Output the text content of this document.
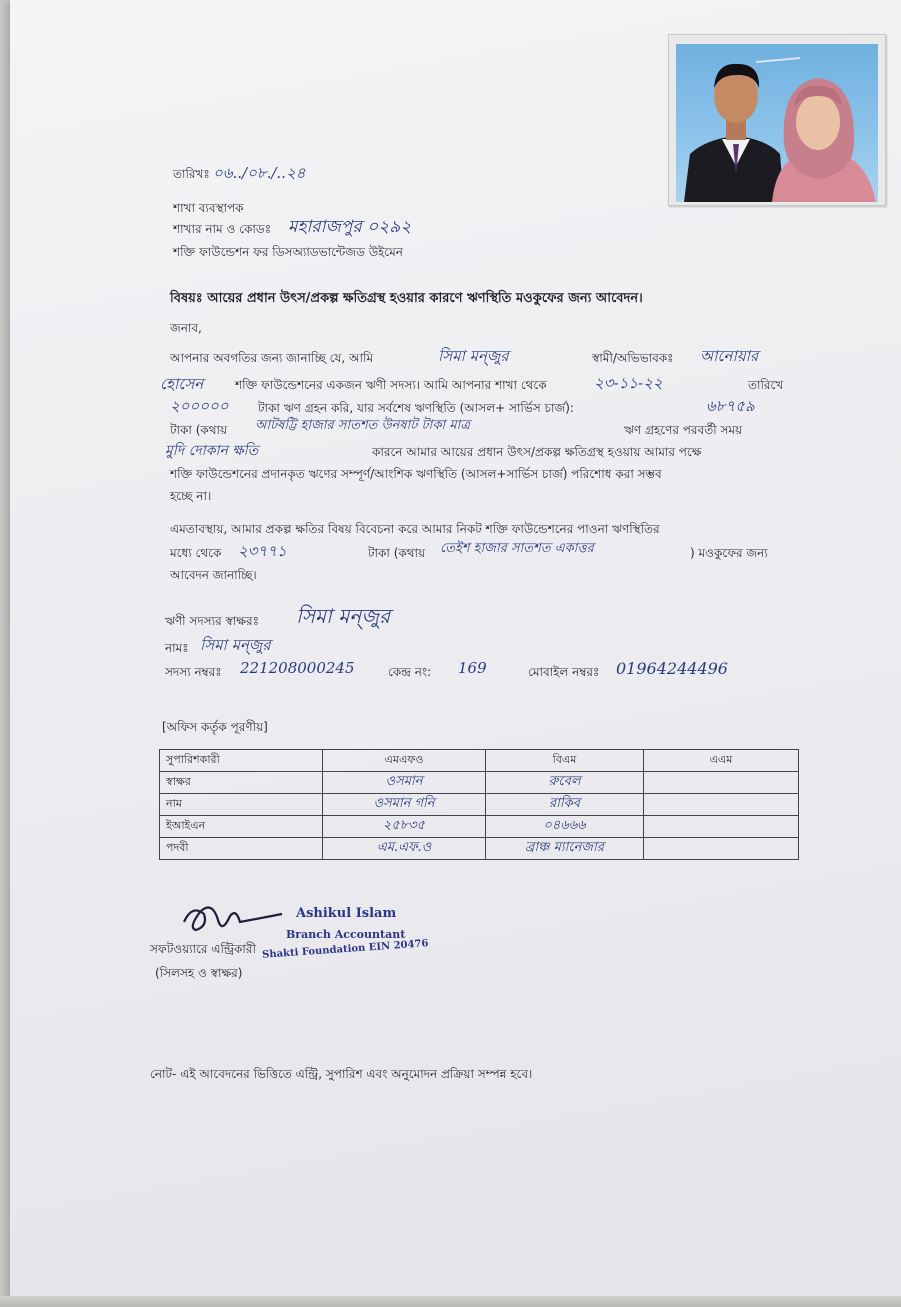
তারিখঃ ০৬../০৮./..২৪
শাখা ব্যবস্থাপক
শাখার নাম ও কোডঃ মহারাজপুর ০২৯২
শক্তি ফাউন্ডেশন ফর ডিসঅ্যাডভান্টেজড উইমেন
বিষয়ঃ আয়ের প্রধান উৎস/প্রকল্প ক্ষতিগ্রস্থ হওয়ার কারণে ঋণস্থিতি মওকুফের জন্য আবেদন।
জনাব,
আপনার অবগতির জন্য জানাচ্ছি যে, আমি	সিমা মন্জুর	স্বামী/অভিভাবকঃ আনোয়ার
হোসেন	শক্তি ফাউন্ডেশনের একজন ঋণী সদস্য। আমি আপনার শাখা থেকে	২৩-১১-২২	তারিখে
২০০০০০ টাকা ঋণ গ্রহন করি, যার সর্বশেষ ঋণস্থিতি (আসল+ সার্ভিস চার্জ):	৬৮৭৫৯
টাকা (কথায় আটষট্টি হাজার সাতশত উনষাট টাকা মাত্র	ঋণ গ্রহণের পরবর্তী সময়
মুদি দোকান ক্ষতি	কারনে আমার আয়ের প্রধান উৎস/প্রকল্প ক্ষতিগ্রস্থ হওয়ায় আমার পক্ষে
শক্তি ফাউন্ডেশনের প্রদানকৃত ঋণের সম্পূর্ণ/আংশিক ঋণস্থিতি (আসল+সার্ভিস চার্জ) পরিশোধ করা সম্ভব
হচ্ছে না।
এমতাবস্থায়, আমার প্রকল্প ক্ষতির বিষয় বিবেচনা করে আমার নিকট শক্তি ফাউন্ডেশনের পাওনা ঋণস্থিতির
মধ্যে থেকে ২৩৭৭১	টাকা (কথায় তেইশ হাজার সাতশত একাত্তর	) মওকুফের জন্য
আবেদন জানাচ্ছি।
ঋণী সদস্যর স্বাক্ষরঃ সিমা মন্জুর
নামঃ সিমা মন্জুর
সদস্য নম্বরঃ 221208000245	কেন্দ্র নং: 169	মোবাইল নম্বরঃ 01964244496
[অফিস কর্তৃক পূরণীয়]
সুপারিশকারী	এমএফও	বিএম	এএম
স্বাক্ষর	ওসমান	রুবেল	
নাম	ওসমান গনি	রাকিব	
ইআইএন	২৫৮৩৫	০৪৬৬৬	
পদবী	এম.এফ.ও	ব্রাঞ্চ ম্যানেজার	
Ashikul Islam
Branch Accountant
Shakti Foundation EIN 20476
সফটওয়্যারে এন্ট্রিকারী
(সিলসহ ও স্বাক্ষর)
নোট- এই আবেদনের ভিত্তিতে এন্ট্রি, সুপারিশ এবং অনুমোদন প্রক্রিয়া সম্পন্ন হবে।
